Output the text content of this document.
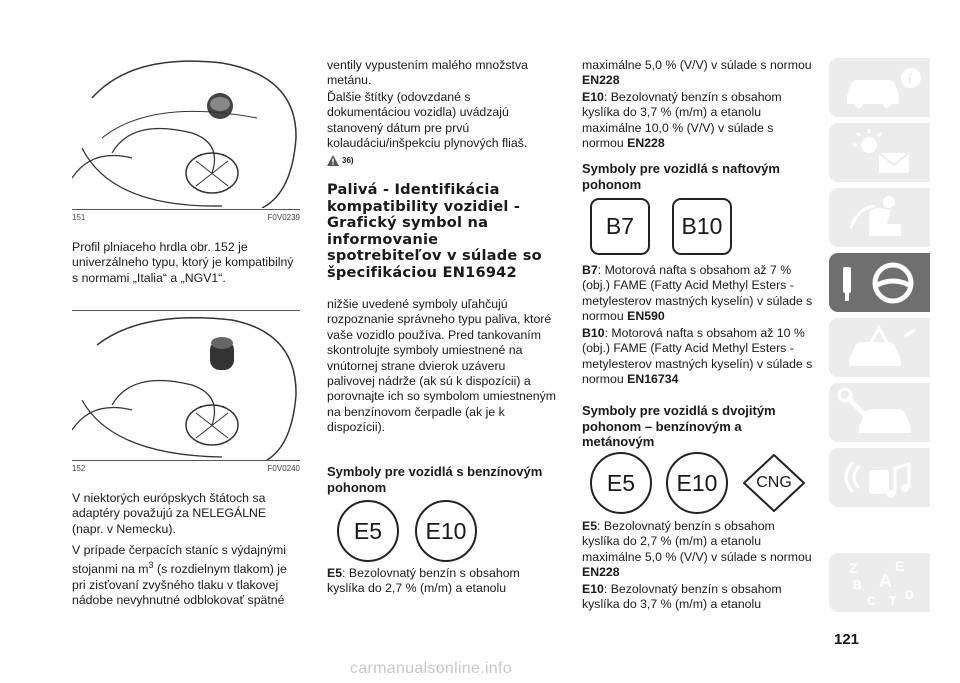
151	F0V0239

Profil plniaceho hrdla obr. 152 je univerzálneho typu, ktorý je kompatibilný s normami „Italia“ a „NGV1“.

152	F0V0240

V niektorých európskych štátoch sa adaptéry považujú za NELEGÁLNE (napr. v Nemecku).

V prípade čerpacích staníc s výdajnými stojanmi na $m^3$ (s rozdielnym tlakom) je pri zisťovaní zvyšného tlaku v tlakovej nádobe nevyhnutné odblokovať spätné

ventily vypustením malého množstva metánu.

Ďalšie štítky (odovzdané s dokumentáciou vozidla) uvádzajú stanovený dátum pre prvú kolaudáciu/inšpekciu plynových fliaš.

36)
Palivá - Identifikácia kompatibility vozidiel - Grafický symbol na informovanie spotrebiteľov v súlade so špecifikáciou EN16942

nižšie uvedené symboly uľahčujú rozpoznanie správneho typu paliva, ktoré vaše vozidlo používa. Pred tankovaním skontrolujte symboly umiestnené na vnútornej strane dvierok uzáveru palivovej nádrže (ak sú k dispozícii) a porovnajte ich so symbolom umiestneným na benzínovom čerpadle (ak je k dispozícii).

Symboly pre vozidlá s benzínovým pohonom
E5	E10

E5: Bezolovnatý benzín s obsahom kyslíka do 2,7 % (m/m) a etanolu

maximálne 5,0 % (V/V) v súlade s normou EN228

E10: Bezolovnatý benzín s obsahom kyslíka do 3,7 % (m/m) a etanolu maximálne 10,0 % (V/V) v súlade s normou EN228

Symboly pre vozidlá s naftovým pohonom
B7	B10

B7: Motorová nafta s obsahom až 7 % (obj.) FAME (Fatty Acid Methyl Esters - metylesterov mastných kyselín) v súlade s normou EN590

B10: Motorová nafta s obsahom až 10 % (obj.) FAME (Fatty Acid Methyl Esters - metylesterov mastných kyselín) v súlade s normou EN16734

Symboly pre vozidlá s dvojitým pohonom – benzínovým a metánovým
E5	E10	CNG

E5: Bezolovnatý benzín s obsahom kyslíka do 2,7 % (m/m) a etanolu maximálne 5,0 % (V/V) v súlade s normou EN228

E10: Bezolovnatý benzín s obsahom kyslíka do 3,7 % (m/m) a etanolu

i
Z	E
B A
C T D
121
carmanualsonline.info
